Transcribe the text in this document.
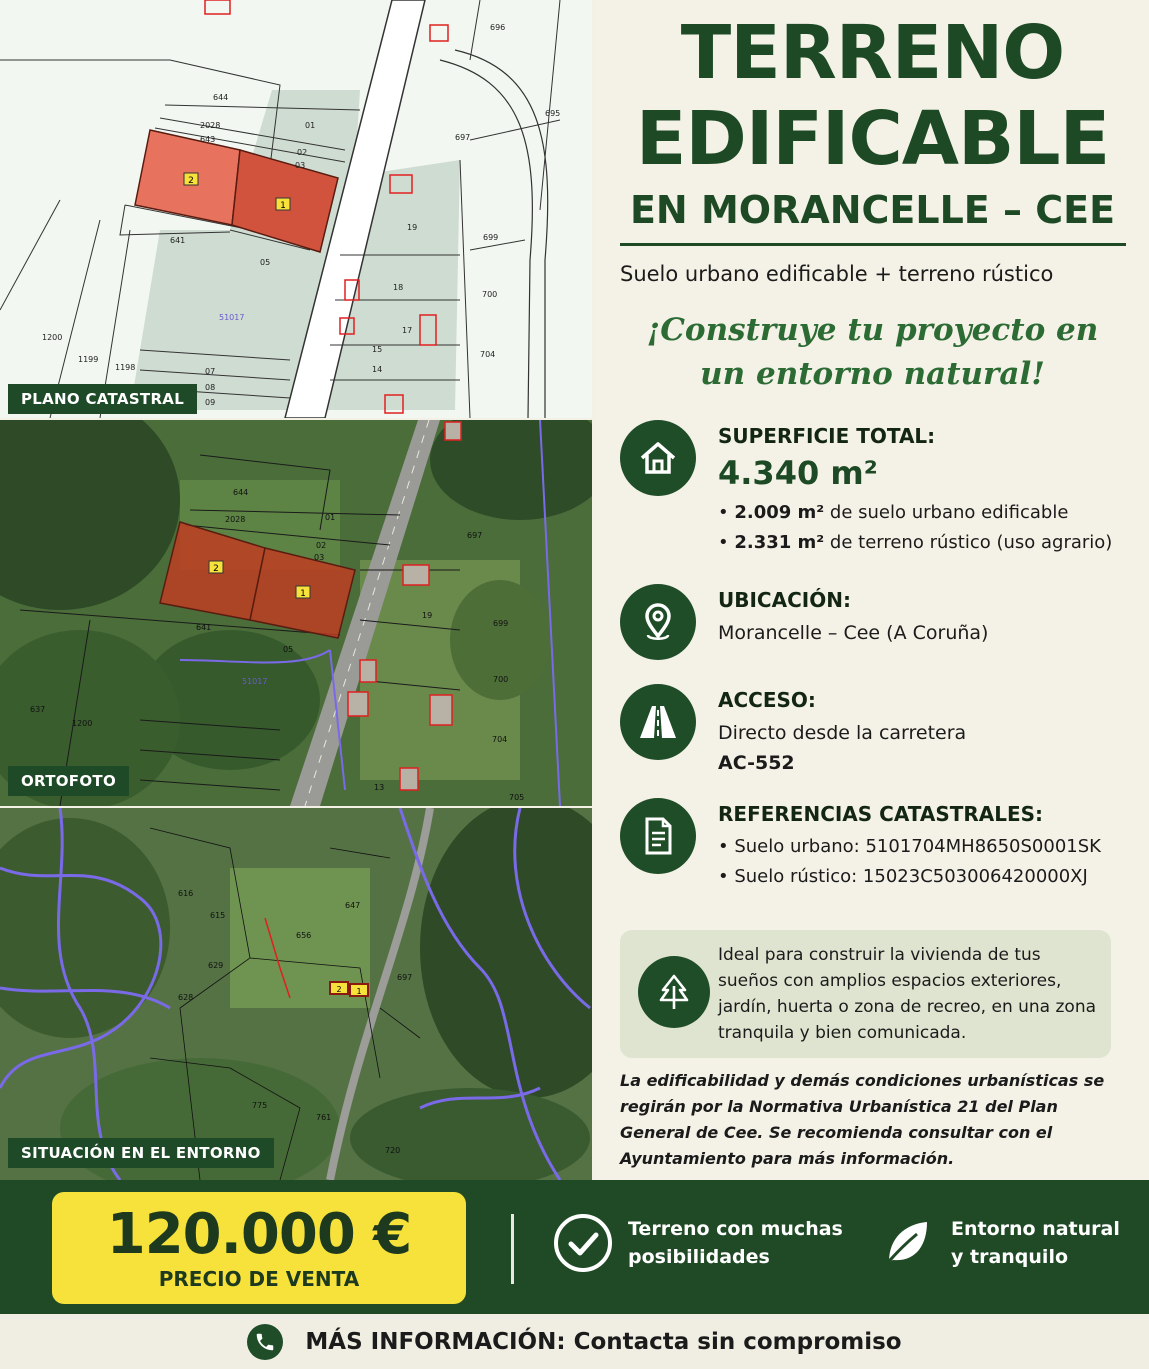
2
1
644
2028
643
01
02
03
641
05
19
18
17
15
14
697
699
700
704
696
695
1200
1199
1198	07
08
09
51017
PLANO CATASTRAL
2
1
644
2028	01
02
03
641
05
19
697
699
700
704
705
1200
637
13
51017
ORTOFOTO
2 1
616
615
656
647
697
629
628
775
761
720
SITUACIÓN EN EL ENTORNO
TERRENO
EDIFICABLE
EN MORANCELLE – CEE
Suelo urbano edificable + terreno rústico
¡Construye tu proyecto en
un entorno natural!
SUPERFICIE TOTAL:
4.340 m²
• 2.009 m² de suelo urbano edificable
• 2.331 m² de terreno rústico (uso agrario)
UBICACIÓN:

Morancelle – Cee (A Coruña)

ACCESO:

Directo desde la carretera

AC-552

REFERENCIAS CATASTRALES:
• Suelo urbano: 5101704MH8650S0001SK
• Suelo rústico: 15023C503006420000XJ

Ideal para construir la vivienda de tus sueños con amplios espacios exteriores, jardín, huerta o zona de recreo, en una zona tranquila y bien comunicada.

La edificabilidad y demás condiciones urbanísticas se regirán por la Normativa Urbanística 21 del Plan General de Cee. Se recomienda consultar con el Ayuntamiento para más información.
120.000 €
PRECIO DE VENTA
Terreno con muchas
posibilidades
Entorno natural
y tranquilo
MÁS INFORMACIÓN: Contacta sin compromiso
